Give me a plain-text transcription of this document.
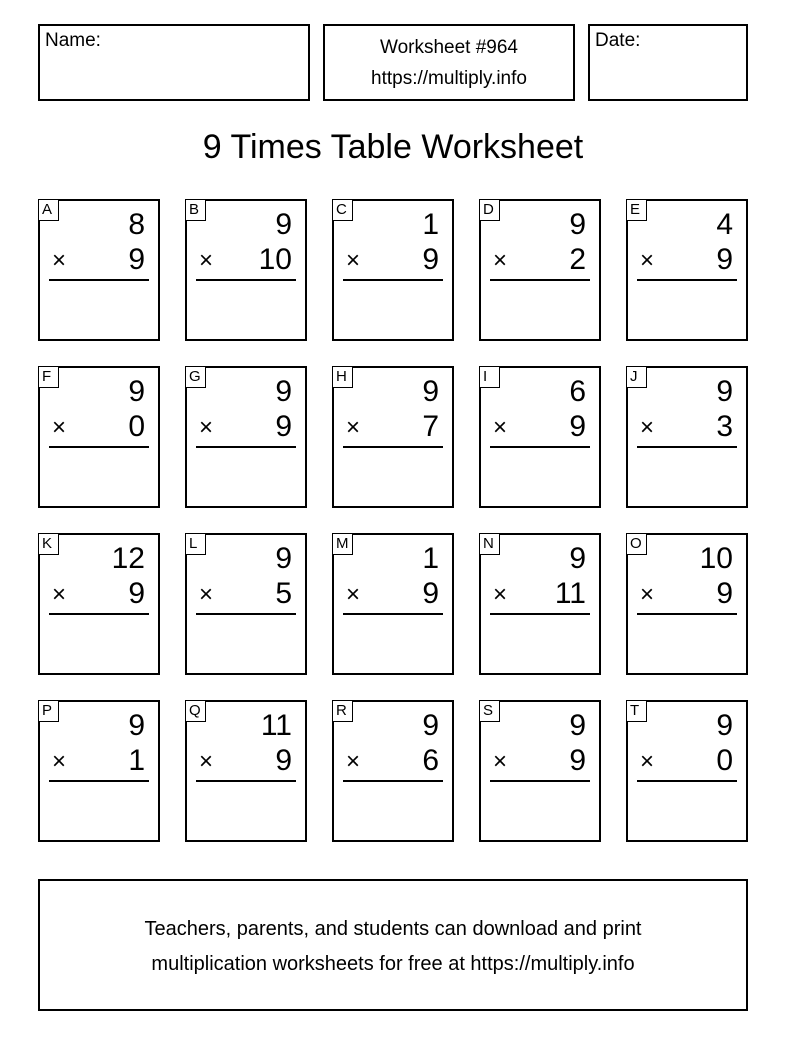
Name:	Worksheet #964
https://multiply.info
Date:
9 Times Table Worksheet
A	8
× 9
B	9
× 10
C	1
× 9
D	9
× 2
E	4
× 9
F	9
× 0
G 9
× 9
H	9
× 7
I	6
× 9
J	9
× 3
K 12
× 9
L	9
× 5
M 1
× 9
N	9
× 11
O 10
× 9
P	9
× 1
Q 11
× 9
R	9
× 6
S	9
× 9
T	9
× 0
Teachers, parents, and students can download and print
multiplication worksheets for free at https://multiply.info
